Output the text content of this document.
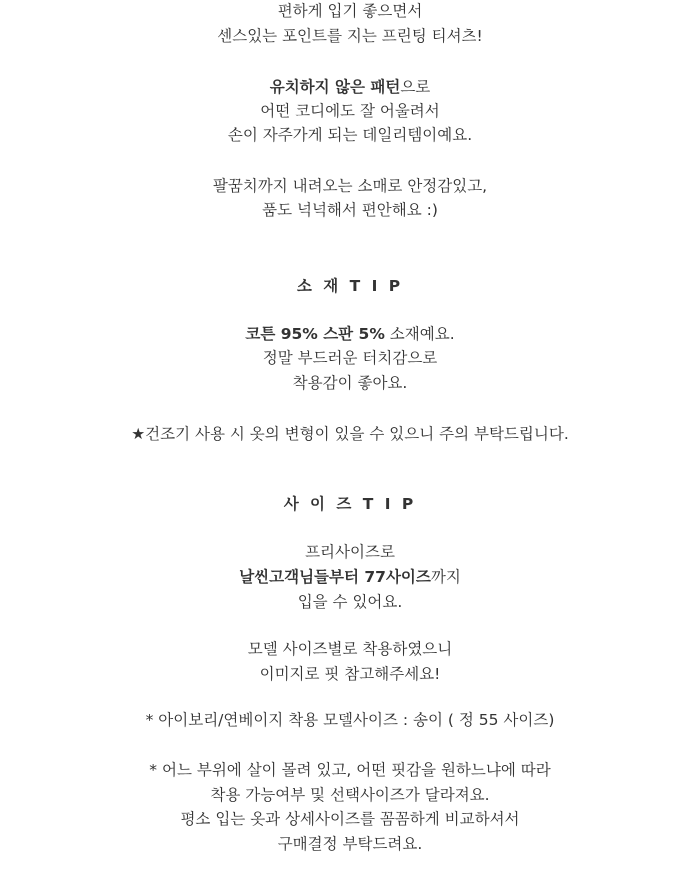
편하게 입기 좋으면서
센스있는 포인트를 지는 프린팅 티셔츠!
유치하지 않은 패턴으로
어떤 코디에도 잘 어울려서
손이 자주가게 되는 데일리템이예요.
팔꿈치까지 내려오는 소매로 안정감있고,
품도 넉넉해서 편안해요 :)
소 재 T I P
코튼 95% 스판 5% 소재예요.
정말 부드러운 터치감으로
착용감이 좋아요.
★건조기 사용 시 옷의 변형이 있을 수 있으니 주의 부탁드립니다.
사 이 즈 T I P
프리사이즈로
날씬고객님들부터 77사이즈까지
입을 수 있어요.
모델 사이즈별로 착용하였으니
이미지로 핏 참고해주세요!
* 아이보리/연베이지 착용 모델사이즈 : 송이 ( 정 55 사이즈)
* 어느 부위에 살이 몰려 있고, 어떤 핏감을 원하느냐에 따라
착용 가능여부 및 선택사이즈가 달라져요.
평소 입는 옷과 상세사이즈를 꼼꼼하게 비교하셔서
구매결정 부탁드려요.
